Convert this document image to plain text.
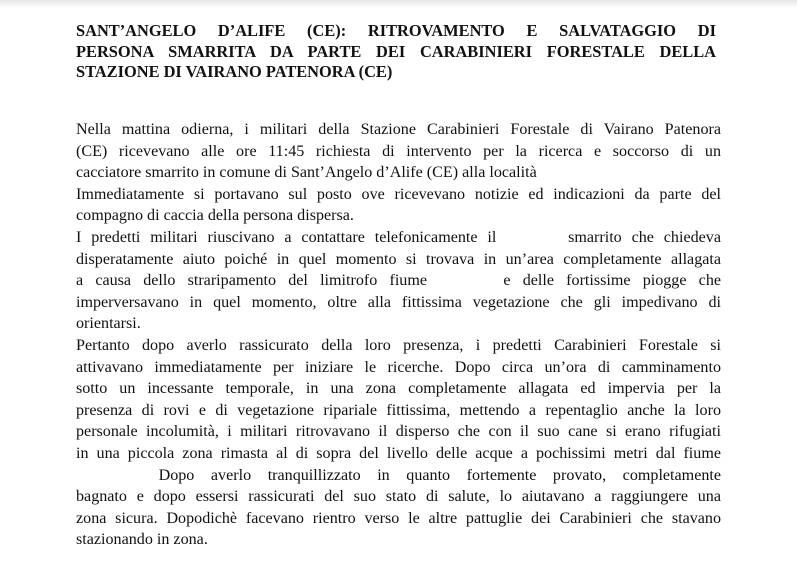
SANT’ANGELO D’ALIFE (CE): RITROVAMENTO E SALVATAGGIO DI
PERSONA SMARRITA DA PARTE DEI CARABINIERI FORESTALE DELLA
STAZIONE DI VAIRANO PATENORA (CE)
Nella mattina odierna, i militari della Stazione Carabinieri Forestale di Vairano Patenora
(CE) ricevevano alle ore 11:45 richiesta di intervento per la ricerca e soccorso di un
cacciatore smarrito in comune di Sant’Angelo d’Alife (CE) alla località
Immediatamente si portavano sul posto ove ricevevano notizie ed indicazioni da parte del
compagno di caccia della persona dispersa.
I predetti militari riuscivano a contattare telefonicamente il	smarrito che chiedeva
disperatamente aiuto poiché in quel momento si trovava in un’area completamente allagata
a causa dello straripamento del limitrofo fiume	e delle fortissime piogge che
imperversavano in quel momento, oltre alla fittissima vegetazione che gli impedivano di
orientarsi.
Pertanto dopo averlo rassicurato della loro presenza, i predetti Carabinieri Forestale si
attivavano immediatamente per iniziare le ricerche. Dopo circa un’ora di camminamento
sotto un incessante temporale, in una zona completamente allagata ed impervia per la
presenza di rovi e di vegetazione ripariale fittissima, mettendo a repentaglio anche la loro
personale incolumità, i militari ritrovavano il disperso che con il suo cane si erano rifugiati
in una piccola zona rimasta al di sopra del livello delle acque a pochissimi metri dal fiume
Dopo averlo tranquillizzato in quanto fortemente provato, completamente
bagnato e dopo essersi rassicurati del suo stato di salute, lo aiutavano a raggiungere una
zona sicura. Dopodichè facevano rientro verso le altre pattuglie dei Carabinieri che stavano
stazionando in zona.
